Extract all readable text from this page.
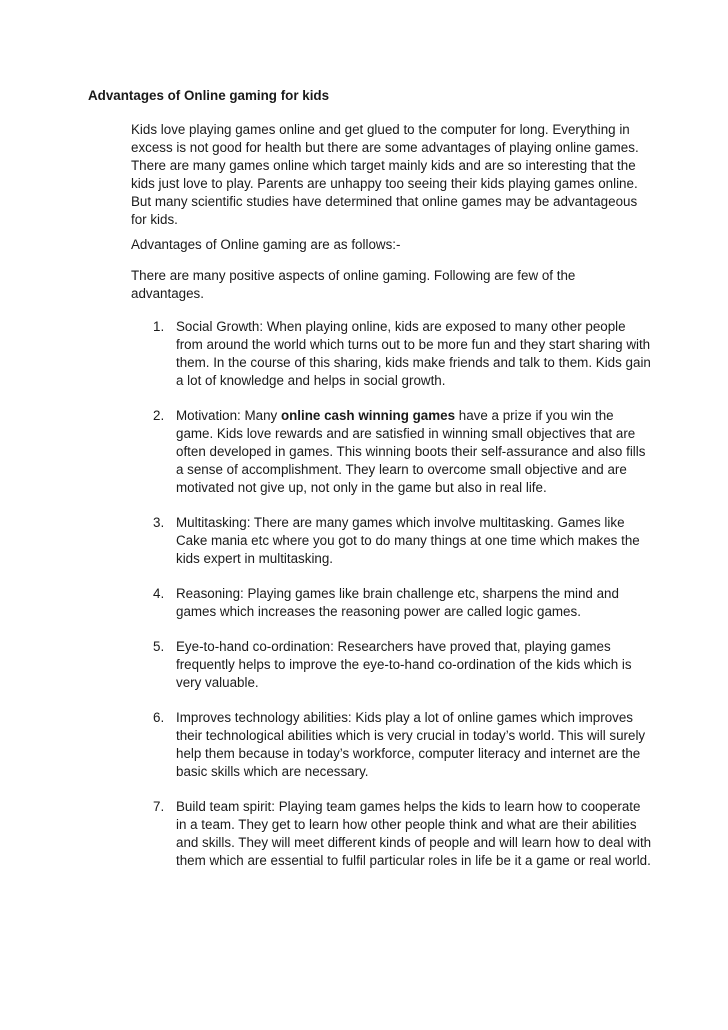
Advantages of Online gaming for kids

Kids love playing games online and get glued to the computer for long. Everything in excess is not good for health but there are some advantages of playing online games. There are many games online which target mainly kids and are so interesting that the kids just love to play. Parents are unhappy too seeing their kids playing games online. But many scientific studies have determined that online games may be advantageous for kids.

Advantages of Online gaming are as follows:-

There are many positive aspects of online gaming. Following are few of the advantages.

1. Social Growth: When playing online, kids are exposed to many other people from around the world which turns out to be more fun and they start sharing with them. In the course of this sharing, kids make friends and talk to them. Kids gain a lot of knowledge and helps in social growth.
2. Motivation: Many online cash winning games have a prize if you win the game. Kids love rewards and are satisfied in winning small objectives that are often developed in games. This winning boots their self-assurance and also fills a sense of accomplishment. They learn to overcome small objective and are motivated not give up, not only in the game but also in real life.
3. Multitasking: There are many games which involve multitasking. Games like Cake mania etc where you got to do many things at one time which makes the kids expert in multitasking.
4. Reasoning: Playing games like brain challenge etc, sharpens the mind and games which increases the reasoning power are called logic games.
5. Eye-to-hand co-ordination: Researchers have proved that, playing games frequently helps to improve the eye-to-hand co-ordination of the kids which is very valuable.
6. Improves technology abilities: Kids play a lot of online games which improves their technological abilities which is very crucial in today’s world. This will surely help them because in today’s workforce, computer literacy and internet are the basic skills which are necessary.
7. Build team spirit: Playing team games helps the kids to learn how to cooperate in a team. They get to learn how other people think and what are their abilities and skills. They will meet different kinds of people and will learn how to deal with them which are essential to fulfil particular roles in life be it a game or real world.
